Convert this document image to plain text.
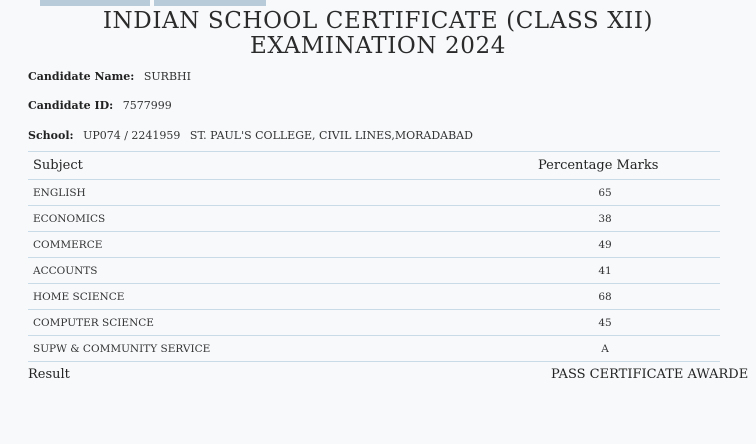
INDIAN SCHOOL CERTIFICATE (CLASS XII)
EXAMINATION 2024
Candidate Name: SURBHI
Candidate ID: 7577999
School: UP074 / 2241959 ST. PAUL'S COLLEGE, CIVIL LINES,MORADABAD
Subject	Percentage Marks
ENGLISH	65
ECONOMICS	38
COMMERCE	49
ACCOUNTS	41
HOME SCIENCE	68
COMPUTER SCIENCE	45
SUPW & COMMUNITY SERVICE	A
Result	PASS CERTIFICATE AWARDE
